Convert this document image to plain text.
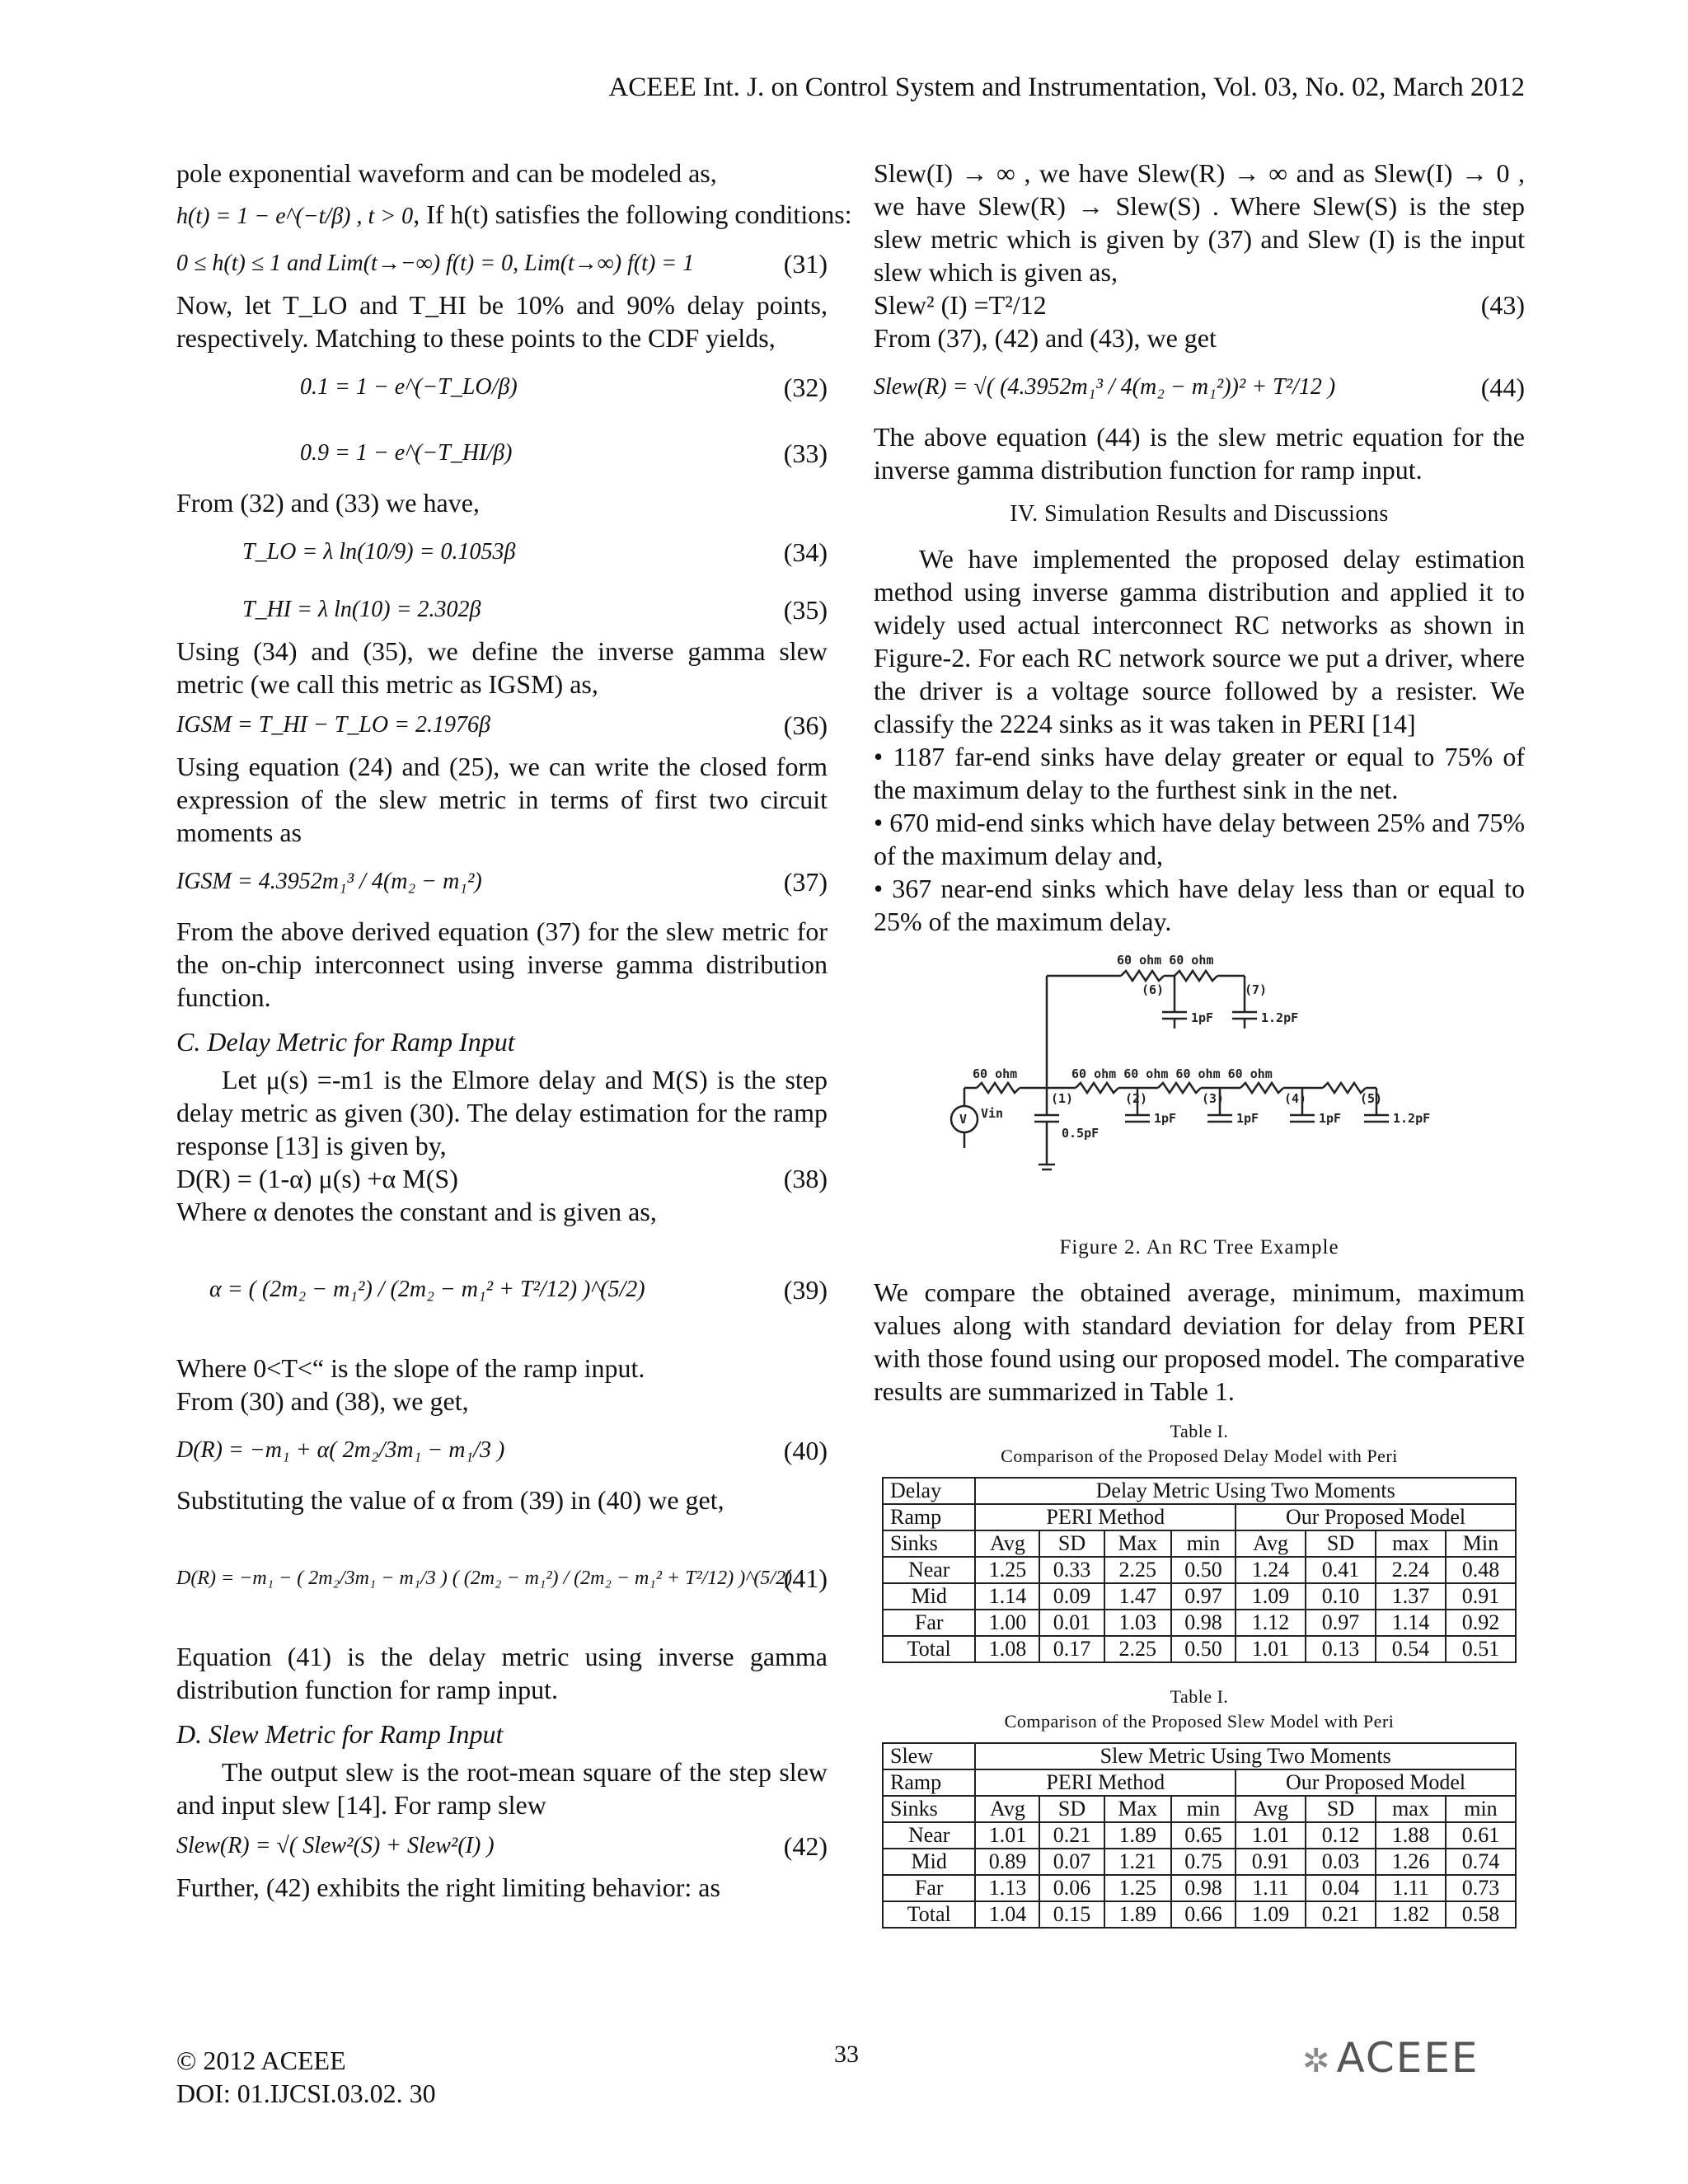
ACEEE Int. J. on Control System and Instrumentation, Vol. 03, No. 02, March 2012

pole exponential waveform and can be modeled as,

h(t) = 1 − e^(−t/β) , t > 0, If h(t) satisfies the following conditions:
0 ≤ h(t) ≤ 1 and Lim(t→−∞) f(t) = 0, Lim(t→∞) f(t) = 1	(31)

Now, let T_LO and T_HI be 10% and 90% delay points, respectively. Matching to these points to the CDF yields,

0.1 = 1 − e^(−T_LO/β)	(32)
0.9 = 1 − e^(−T_HI/β)	(33)

From (32) and (33) we have,

T_LO = λ ln(10/9) = 0.1053β	(34)
T_HI = λ ln(10) = 2.302β	(35)

Using (34) and (35), we define the inverse gamma slew metric (we call this metric as IGSM) as,

IGSM = T_HI − T_LO = 2.1976β	(36)

Using equation (24) and (25), we can write the closed form expression of the slew metric in terms of first two circuit moments as

IGSM = 4.3952m₁³ / 4(m₂ − m₁²)	(37)

From the above derived equation (37) for the slew metric for the on-chip interconnect using inverse gamma distribution function.

C. Delay Metric for Ramp Input

Let μ(s) =-m1 is the Elmore delay and M(S) is the step delay metric as given (30). The delay estimation for the ramp response [13] is given by,

D(R) = (1-α) μ(s) +α M(S)	(38)

Where α denotes the constant and is given as,

α = ( (2m₂ − m₁²) / (2m₂ − m₁² + T²/12) )^(5/2)	(39)

Where 0<T<“ is the slope of the ramp input.

From (30) and (38), we get,

D(R) = −m₁ + α( 2m₂/3m₁ − m₁/3 )	(40)

Substituting the value of α from (39) in (40) we get,

D(R) = −m₁ − ( 2m₂/3m₁ − m₁/3 ) ( (2m₂ − m₁²) / (2m₂ − m₁² + T²/12) )^(5/2)
(41)

Equation (41) is the delay metric using inverse gamma distribution function for ramp input.

D. Slew Metric for Ramp Input

The output slew is the root-mean square of the step slew and input slew [14]. For ramp slew

Slew(R) = √( Slew²(S) + Slew²(I) )	(42)

Further, (42) exhibits the right limiting behavior: as

Slew(I) → ∞ , we have Slew(R) → ∞ and as Slew(I) → 0 , we have Slew(R) → Slew(S) . Where Slew(S) is the step slew metric which is given by (37) and Slew (I) is the input slew which is given as,

Slew² (I) =T²/12	(43)

From (37), (42) and (43), we get

Slew(R) = √( (4.3952m₁³ / 4(m₂ − m₁²))² + T²/12 )	(44)

The above equation (44) is the slew metric equation for the inverse gamma distribution function for ramp input.

IV. Simulation Results and Discussions

We have implemented the proposed delay estimation method using inverse gamma distribution and applied it to widely used actual interconnect RC networks as shown in Figure-2. For each RC network source we put a driver, where the driver is a voltage source followed by a resister. We classify the 2224 sinks as it was taken in PERI [14]

• 1187 far-end sinks have delay greater or equal to 75% of the maximum delay to the furthest sink in the net.

• 670 mid-end sinks which have delay between 25% and 75% of the maximum delay and,

• 367 near-end sinks which have delay less than or equal to 25% of the maximum delay.

60 ohm 60 ohm
(6)	(7)
1pF	1.2pF
60 ohm	60 ohm 60 ohm 60 ohm 60 ohm
(1)	(2)	(3)	(4)	(5)
0.5pF
1pF	1pF	1pF	1.2pF
Vin
V

Figure 2. An RC Tree Example

We compare the obtained average, minimum, maximum values along with standard deviation for delay from PERI with those found using our proposed model. The comparative results are summarized in Table 1.

Table I.
Comparison of the Proposed Delay Model with Peri
Delay	Delay Metric Using Two Moments							
Ramp	PERI Method				Our Proposed Model			
Sinks	Avg	SD	Max	min	Avg	SD	max	Min
Near	1.25	0.33	2.25	0.50	1.24	0.41	2.24	0.48
Mid	1.14	0.09	1.47	0.97	1.09	0.10	1.37	0.91
Far	1.00	0.01	1.03	0.98	1.12	0.97	1.14	0.92
Total	1.08	0.17	2.25	0.50	1.01	0.13	0.54	0.51
Table I.
Comparison of the Proposed Slew Model with Peri
Slew	Slew Metric Using Two Moments							
Ramp	PERI Method				Our Proposed Model			
Sinks	Avg	SD	Max	min	Avg	SD	max	min
Near	1.01	0.21	1.89	0.65	1.01	0.12	1.88	0.61
Mid	0.89	0.07	1.21	0.75	0.91	0.03	1.26	0.74
Far	1.13	0.06	1.25	0.98	1.11	0.04	1.11	0.73
Total	1.04	0.15	1.89	0.66	1.09	0.21	1.82	0.58
© 2012 ACEEE
DOI: 01.IJCSI.03.02. 30
33	✲ ACEEE
